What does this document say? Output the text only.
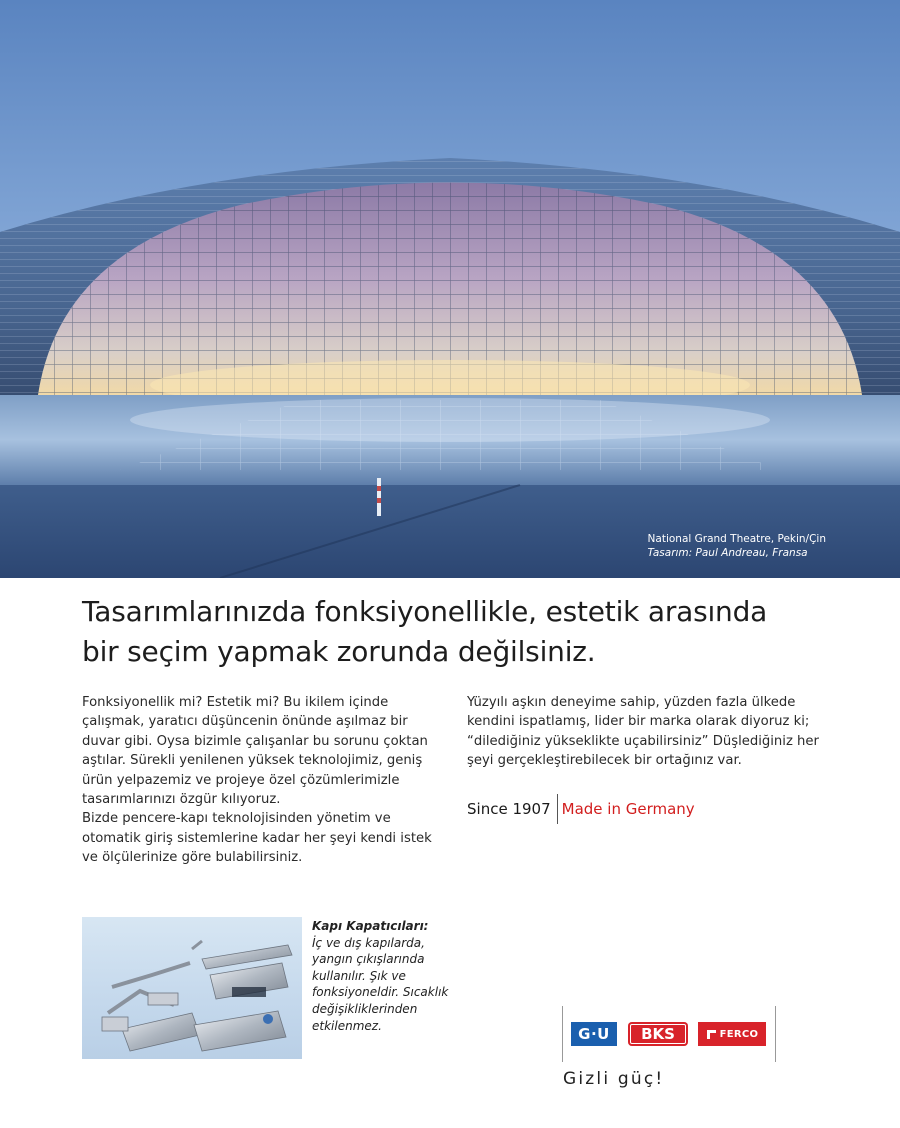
National Grand Theatre, Pekin/Çin
Tasarım: Paul Andreau, Fransa
Tasarımlarınızda fonksiyonellikle, estetik arasında
bir seçim yapmak zorunda değilsiniz.

Fonksiyonellik mi? Estetik mi? Bu ikilem içinde çalışmak, yaratıcı düşüncenin önünde aşılmaz bir duvar gibi. Oysa bizimle çalışanlar bu sorunu çoktan aştılar. Sürekli yenilenen yüksek teknolojimiz, geniş ürün yelpazemiz ve projeye özel çözümlerimizle tasarımlarınızı özgür kılıyoruz.

Bizde pencere-kapı teknolojisinden yönetim ve otomatik giriş sistemlerine kadar her şeyi kendi istek ve ölçülerinize göre bulabilirsiniz.

Yüzyılı aşkın deneyime sahip, yüzden fazla ülkede kendini ispatlamış, lider bir marka olarak diyoruz ki; “dilediğiniz yükseklikte uçabilirsiniz” Düşlediğiniz her şeyi gerçekleştirebilecek bir ortağınız var.

Since 1907 Made in Germany
Kapı Kapatıcıları:
İç ve dış kapılarda, yangın çıkışlarında kullanılır. Şık ve fonksiyoneldir. Sıcaklık değişikliklerinden etkilenmez.	G·U BKS	FERCO
Gizli güç!
